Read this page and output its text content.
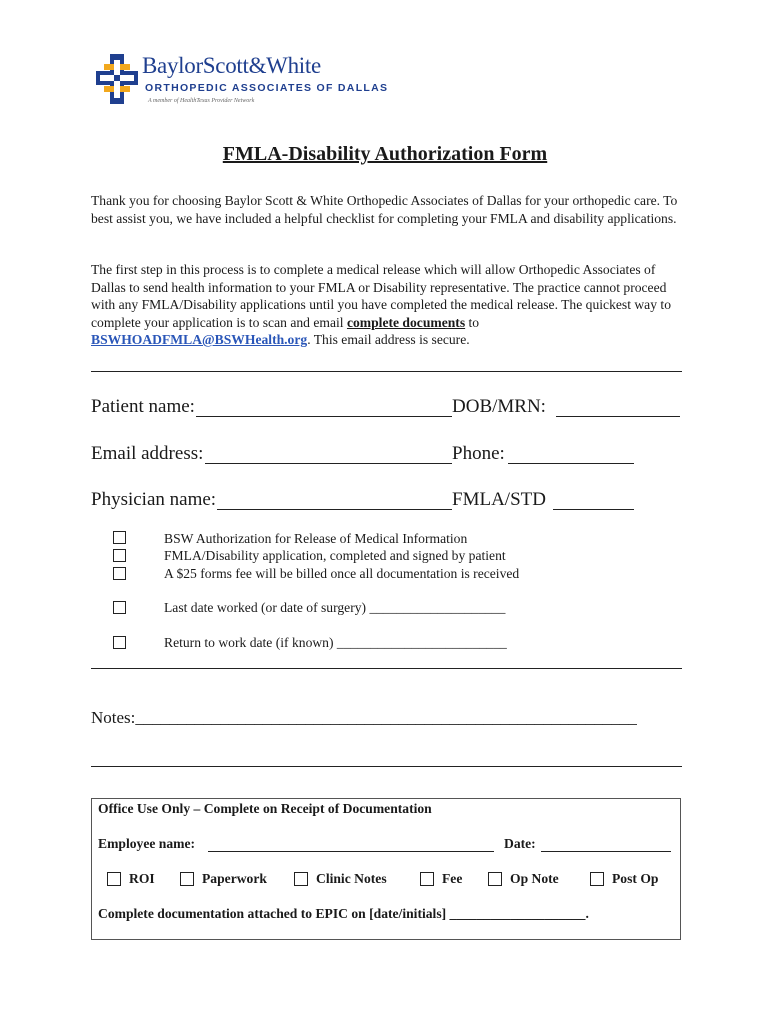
BaylorScott&White
ORTHOPEDIC ASSOCIATES OF DALLAS
A member of HealthTexas Provider Network
FMLA-Disability Authorization Form
Thank you for choosing Baylor Scott & White Orthopedic Associates of Dallas for your orthopedic care. To best assist you, we have included a helpful checklist for completing your FMLA and disability applications.
The first step in this process is to complete a medical release which will allow Orthopedic Associates of Dallas to send health information to your FMLA or Disability representative. The practice cannot proceed with any FMLA/Disability applications until you have completed the medical release. The quickest way to complete your application is to scan and email complete documents to BSWHOADFMLA@BSWHealth.org. This email address is secure.
Patient name:	DOB/MRN:
Email address:	Phone:
Physician name:	FMLA/STD
BSW Authorization for Release of Medical Information
FMLA/Disability application, completed and signed by patient
A $25 forms fee will be billed once all documentation is received
Last date worked (or date of surgery) ____________________
Return to work date (if known) _________________________
Notes:___________________________________________________________
Office Use Only – Complete on Receipt of Documentation
Employee name:	Date:
ROI	Paperwork	Clinic Notes	Fee	Op Note	Post Op
Complete documentation attached to EPIC on [date/initials] ____________________.
